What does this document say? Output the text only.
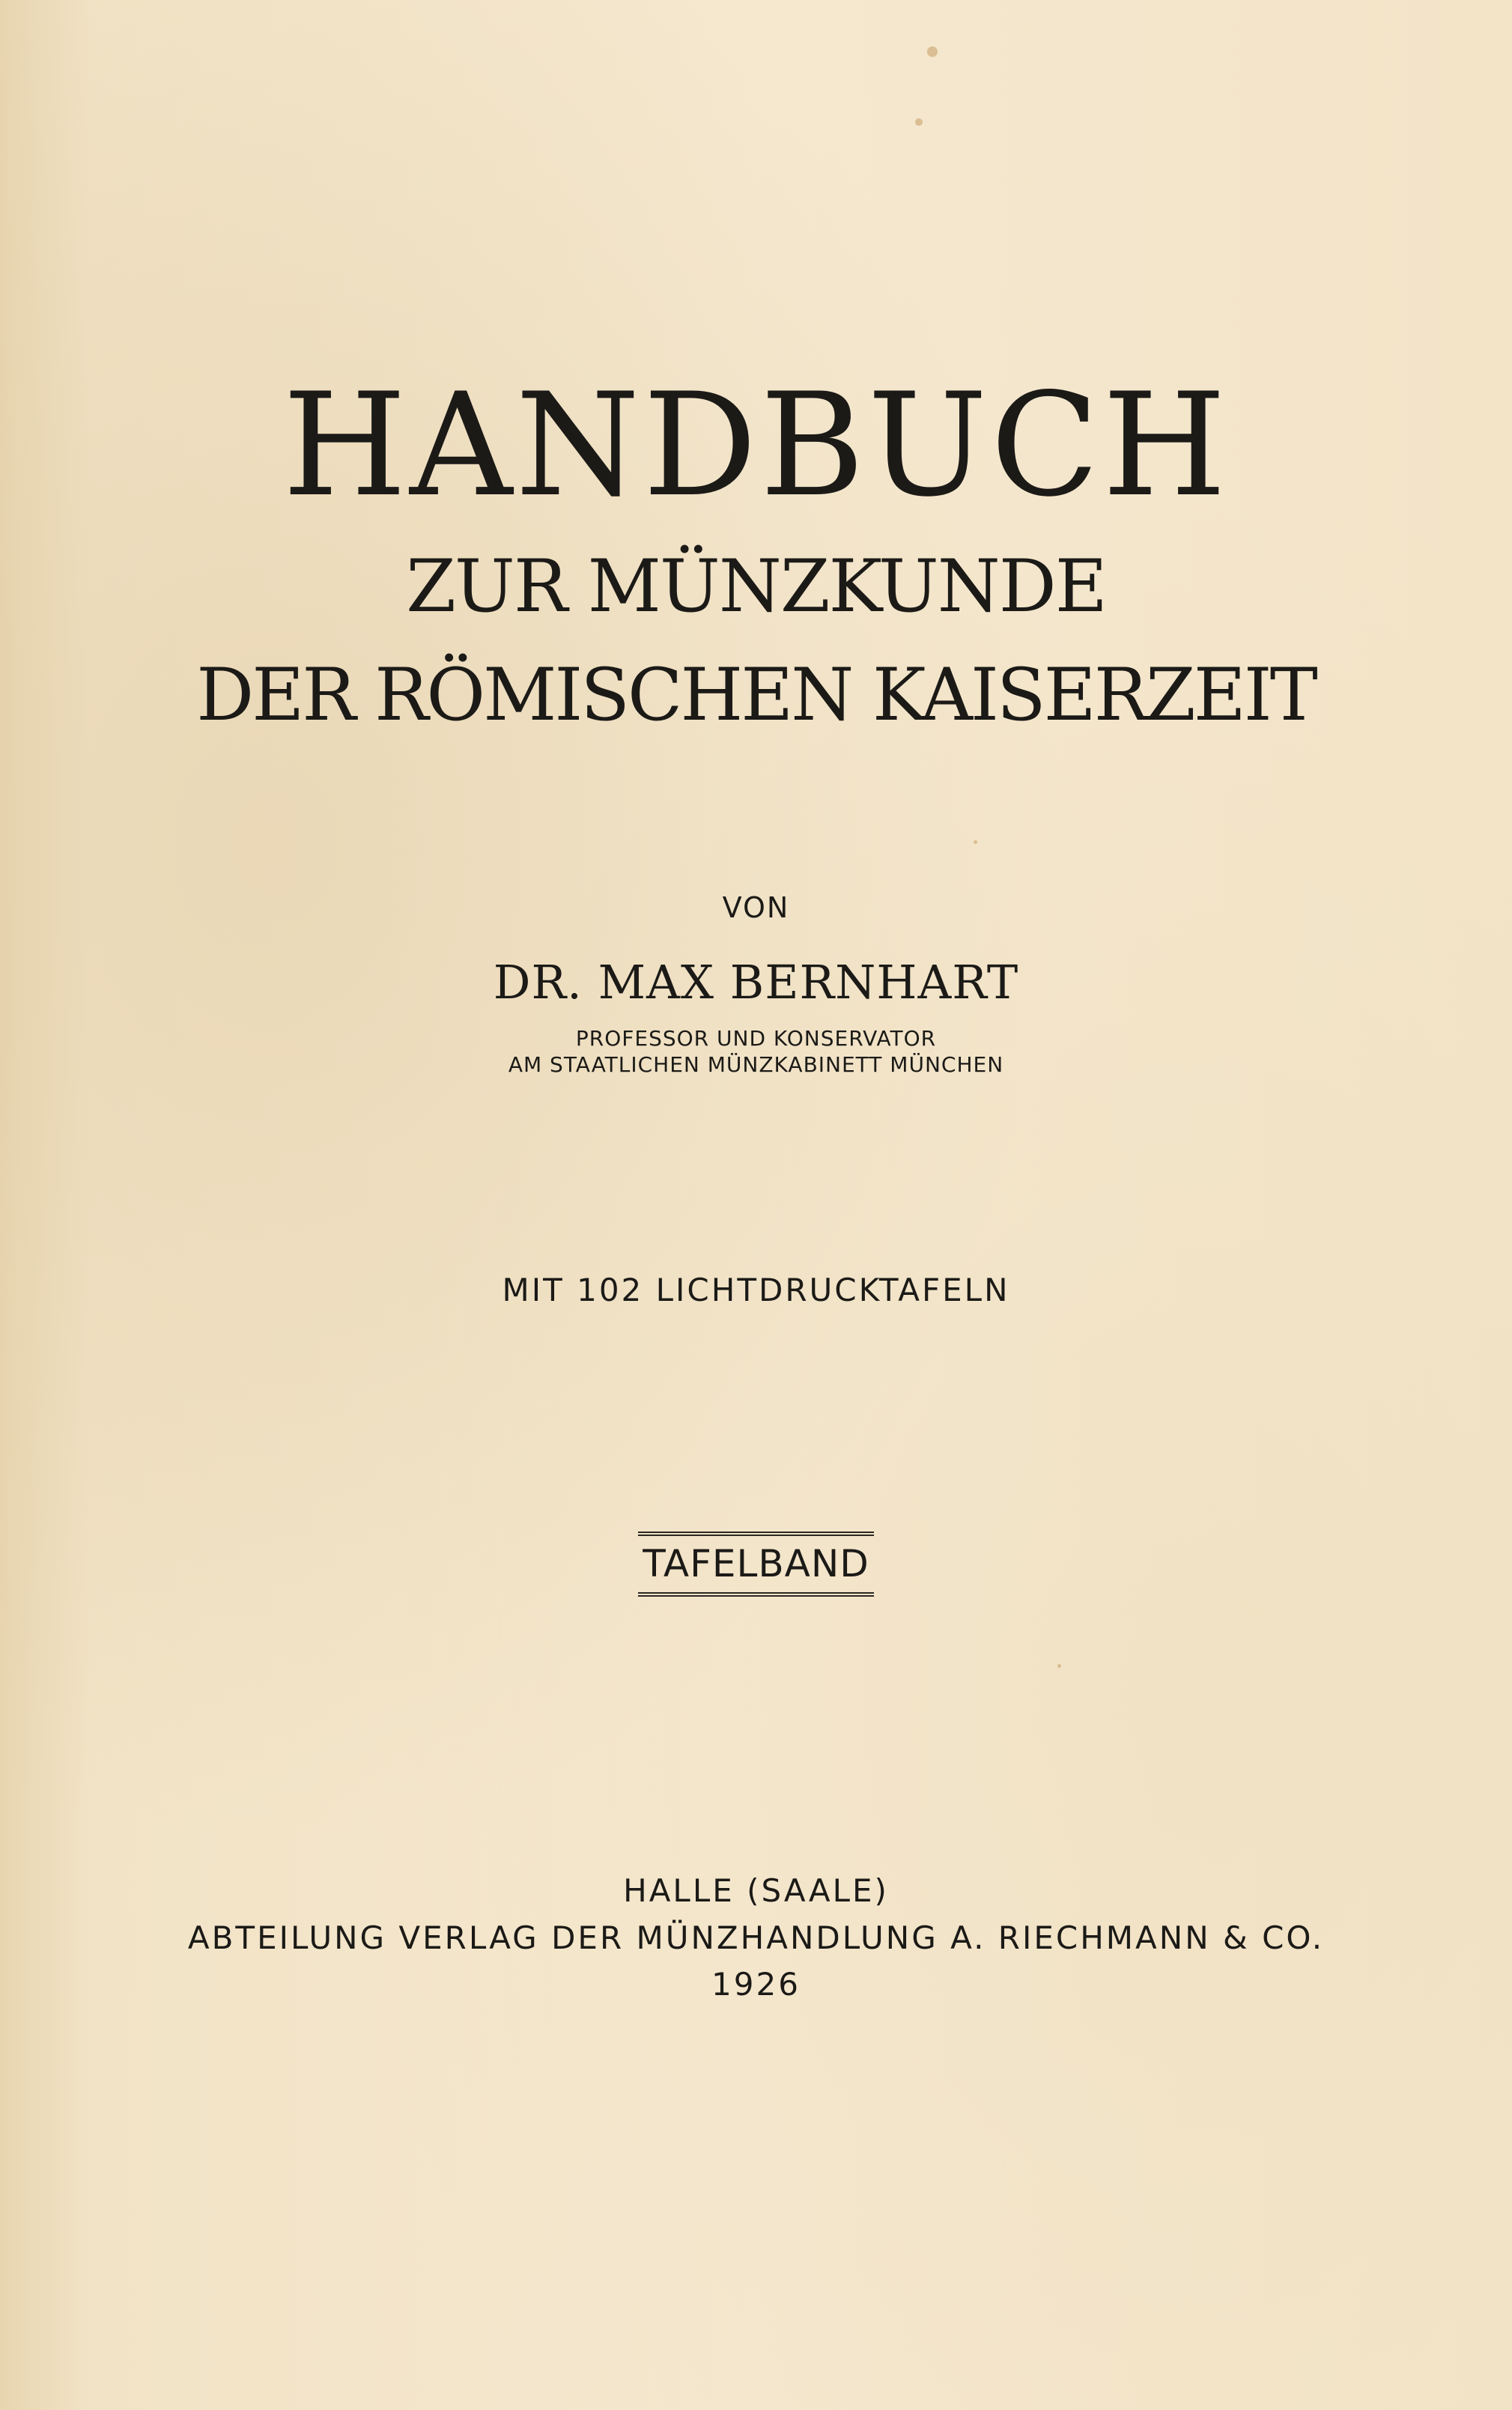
HANDBUCH
ZUR MÜNZKUNDE
DER RÖMISCHEN KAISERZEIT
VON
DR. MAX BERNHART
PROFESSOR UND KONSERVATOR
AM STAATLICHEN MÜNZKABINETT MÜNCHEN
MIT 102 LICHTDRUCKTAFELN
TAFELBAND
HALLE (SAALE)
ABTEILUNG VERLAG DER MÜNZHANDLUNG A. RIECHMANN & CO.
1926
